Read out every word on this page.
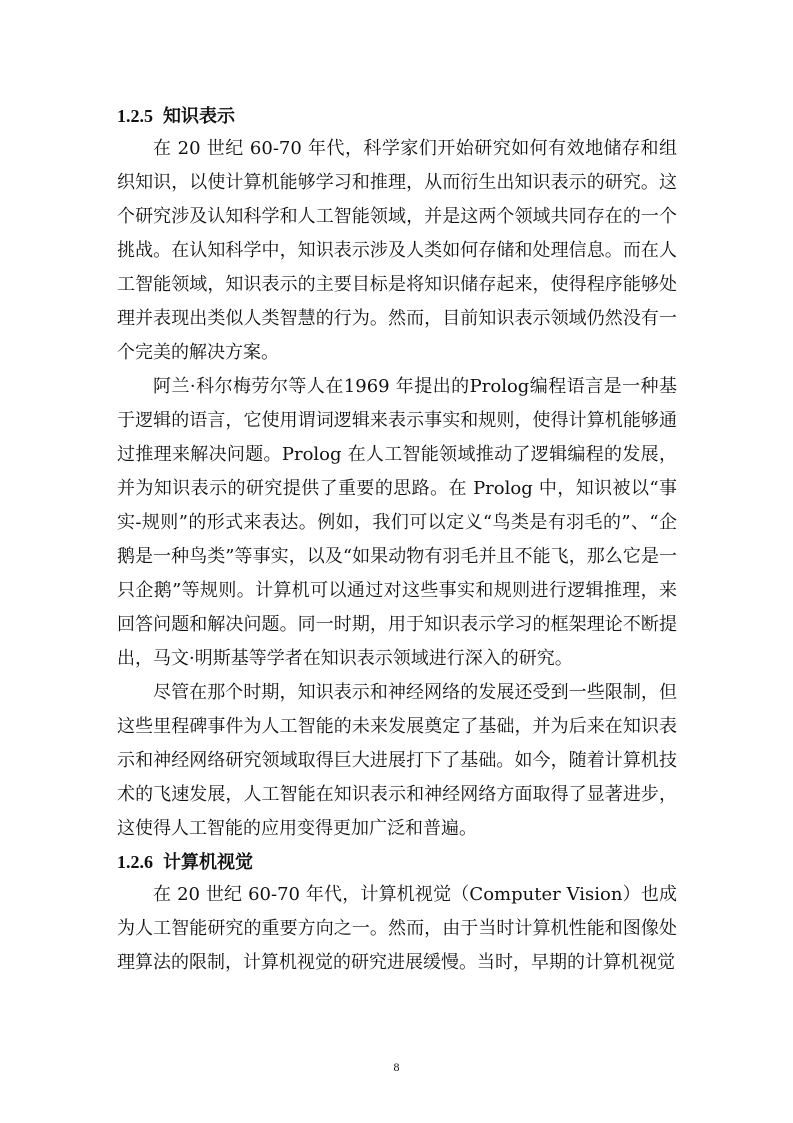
1.2.5 知识表示

在 20 世纪 60-70 年代，科学家们开始研究如何有效地储存和组织知识，以使计算机能够学习和推理，从而衍生出知识表示的研究。这个研究涉及认知科学和人工智能领域，并是这两个领域共同存在的一个挑战。在认知科学中，知识表示涉及人类如何存储和处理信息。而在人工智能领域，知识表示的主要目标是将知识储存起来，使得程序能够处理并表现出类似人类智慧的行为。然而，目前知识表示领域仍然没有一个完美的解决方案。

阿兰·科尔梅劳尔等人在1969 年提出的Prolog编程语言是一种基于逻辑的语言，它使用谓词逻辑来表示事实和规则，使得计算机能够通过推理来解决问题。Prolog 在人工智能领域推动了逻辑编程的发展，并为知识表示的研究提供了重要的思路。在 Prolog 中，知识被以“事实-规则”的形式来表达。例如，我们可以定义“鸟类是有羽毛的”、“企鹅是一种鸟类”等事实，以及“如果动物有羽毛并且不能飞，那么它是一只企鹅”等规则。计算机可以通过对这些事实和规则进行逻辑推理，来回答问题和解决问题。同一时期，用于知识表示学习的框架理论不断提出，马文·明斯基等学者在知识表示领域进行深入的研究。

尽管在那个时期，知识表示和神经网络的发展还受到一些限制，但这些里程碑事件为人工智能的未来发展奠定了基础，并为后来在知识表示和神经网络研究领域取得巨大进展打下了基础。如今，随着计算机技术的飞速发展，人工智能在知识表示和神经网络方面取得了显著进步，这使得人工智能的应用变得更加广泛和普遍。

1.2.6 计算机视觉

在 20 世纪 60-70 年代，计算机视觉（Computer Vision）也成为人工智能研究的重要方向之一。然而，由于当时计算机性能和图像处理算法的限制，计算机视觉的研究进展缓慢。当时，早期的计算机视觉

8
